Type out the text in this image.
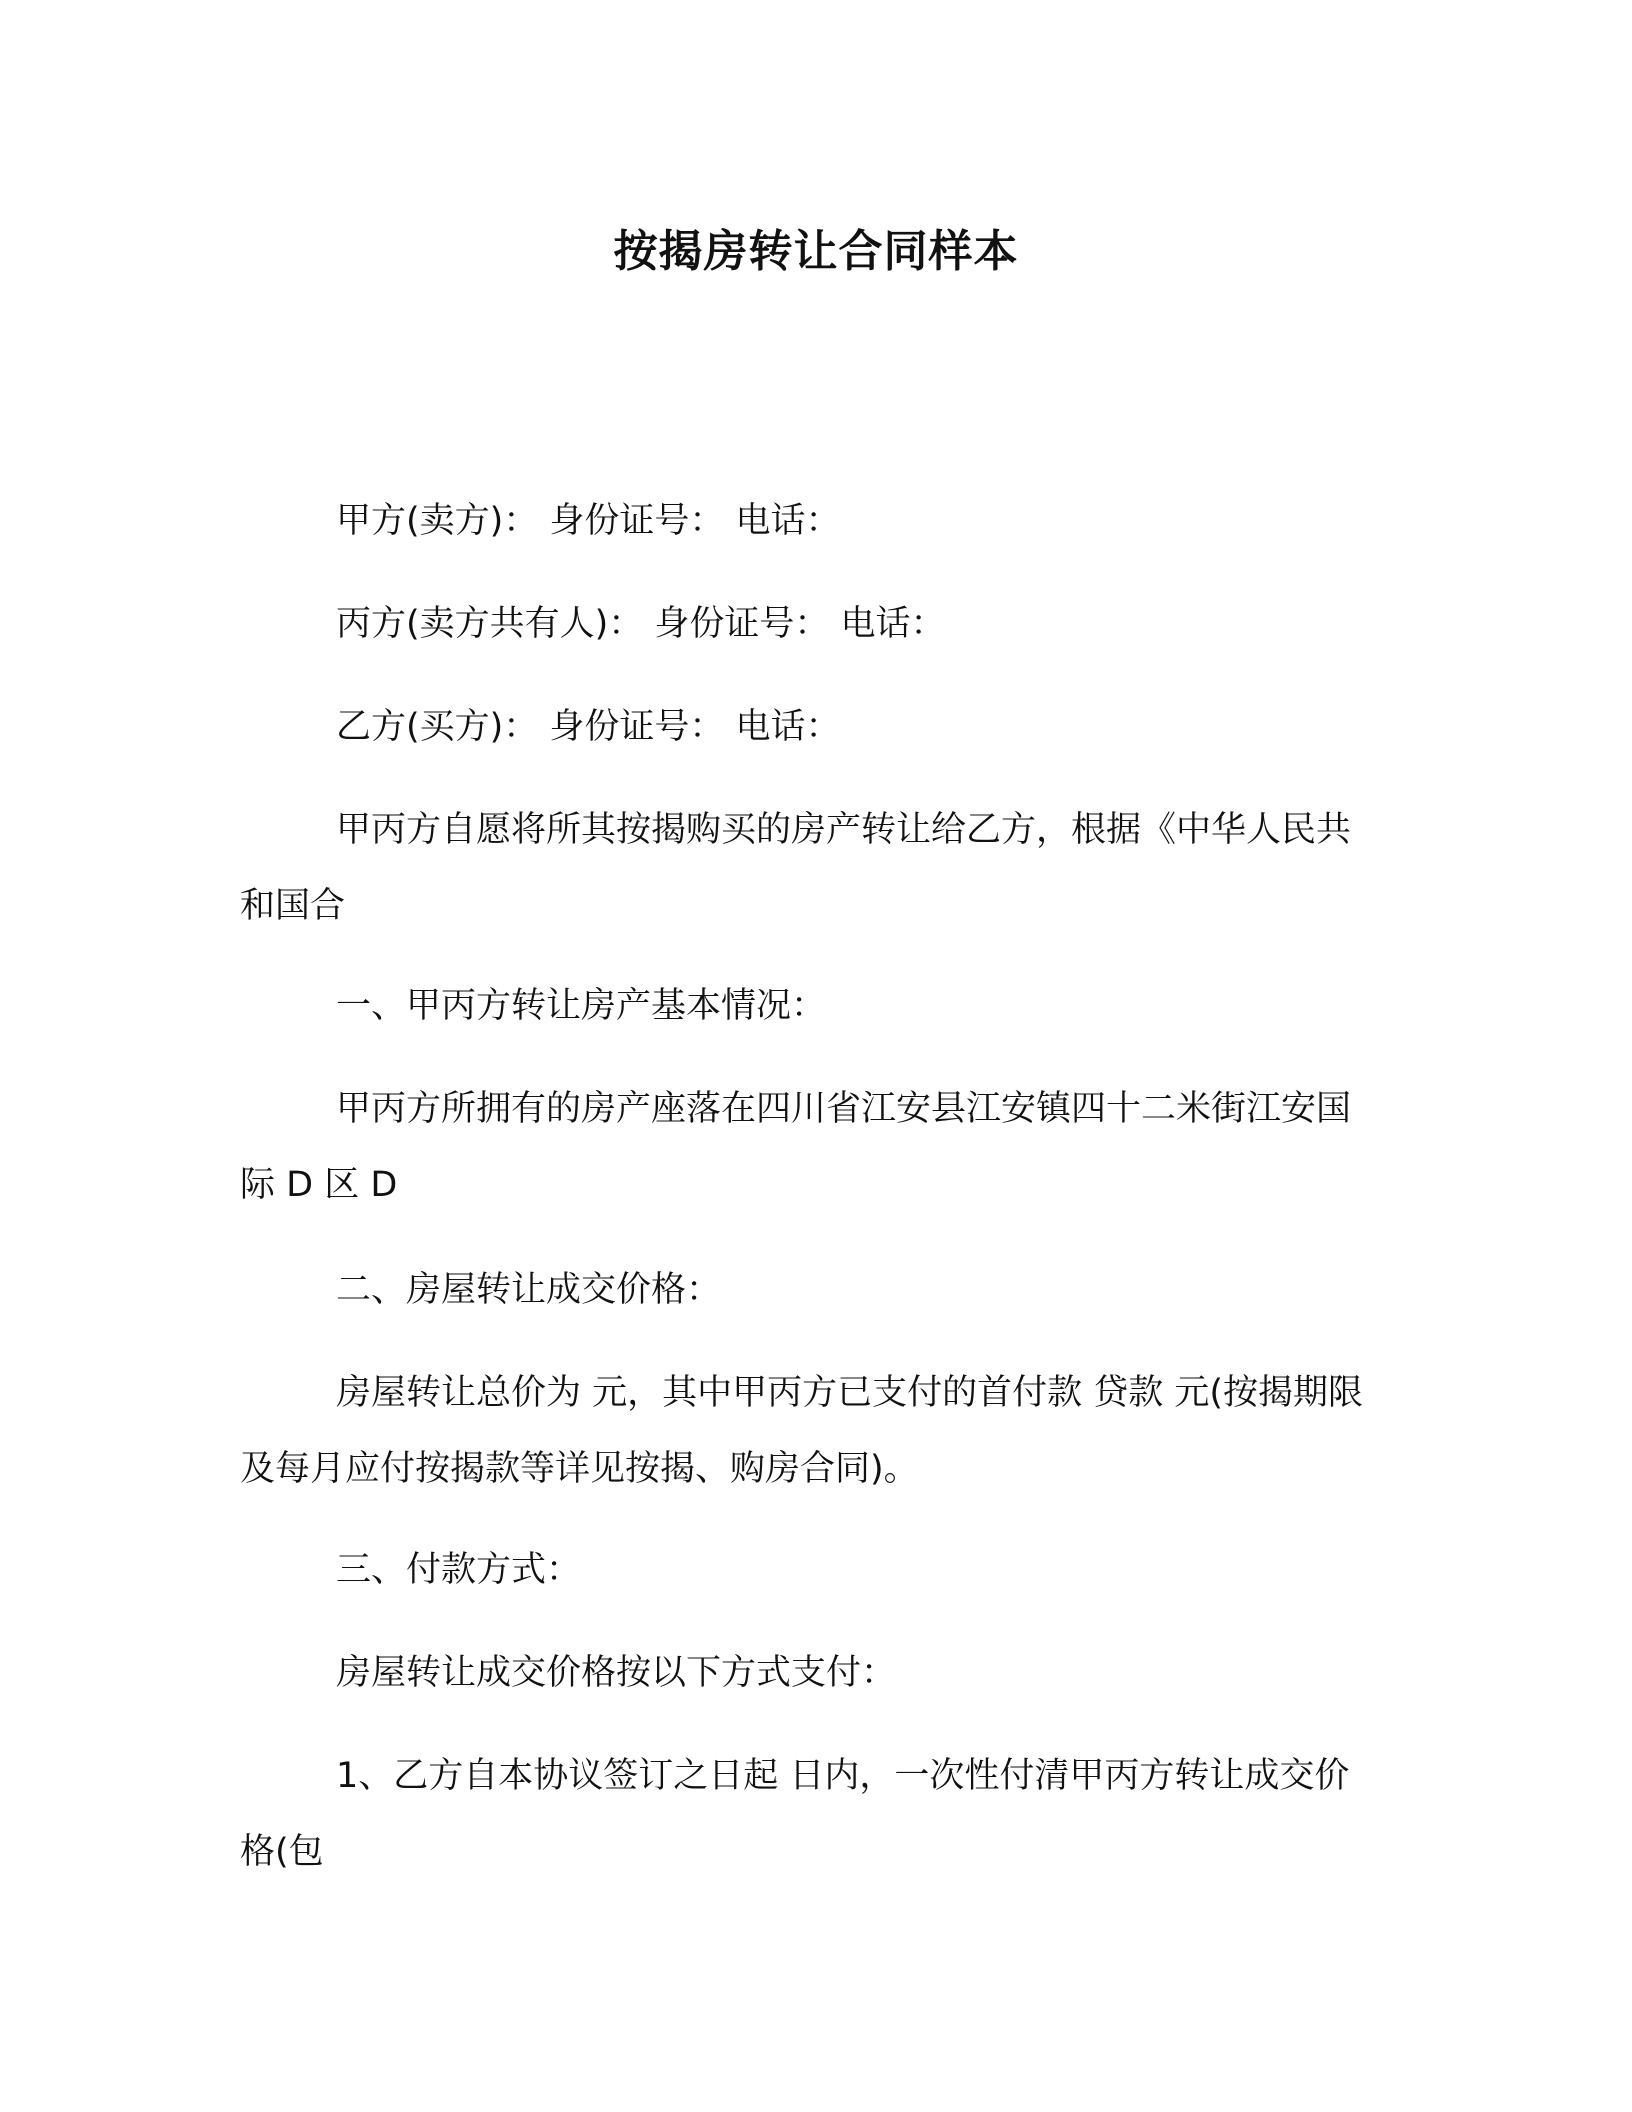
按揭房转让合同样本

甲方(卖方)： 身份证号： 电话：

丙方(卖方共有人)： 身份证号： 电话：

乙方(买方)： 身份证号： 电话：

甲丙方自愿将所其按揭购买的房产转让给乙方，根据《中华人民共和国合

一、甲丙方转让房产基本情况：

甲丙方所拥有的房产座落在四川省江安县江安镇四十二米街江安国际 D 区 D

二、房屋转让成交价格：

房屋转让总价为 元，其中甲丙方已支付的首付款 贷款 元(按揭期限及每月应付按揭款等详见按揭、购房合同)。

三、付款方式：

房屋转让成交价格按以下方式支付：

1、乙方自本协议签订之日起 日内，一次性付清甲丙方转让成交价格(包
